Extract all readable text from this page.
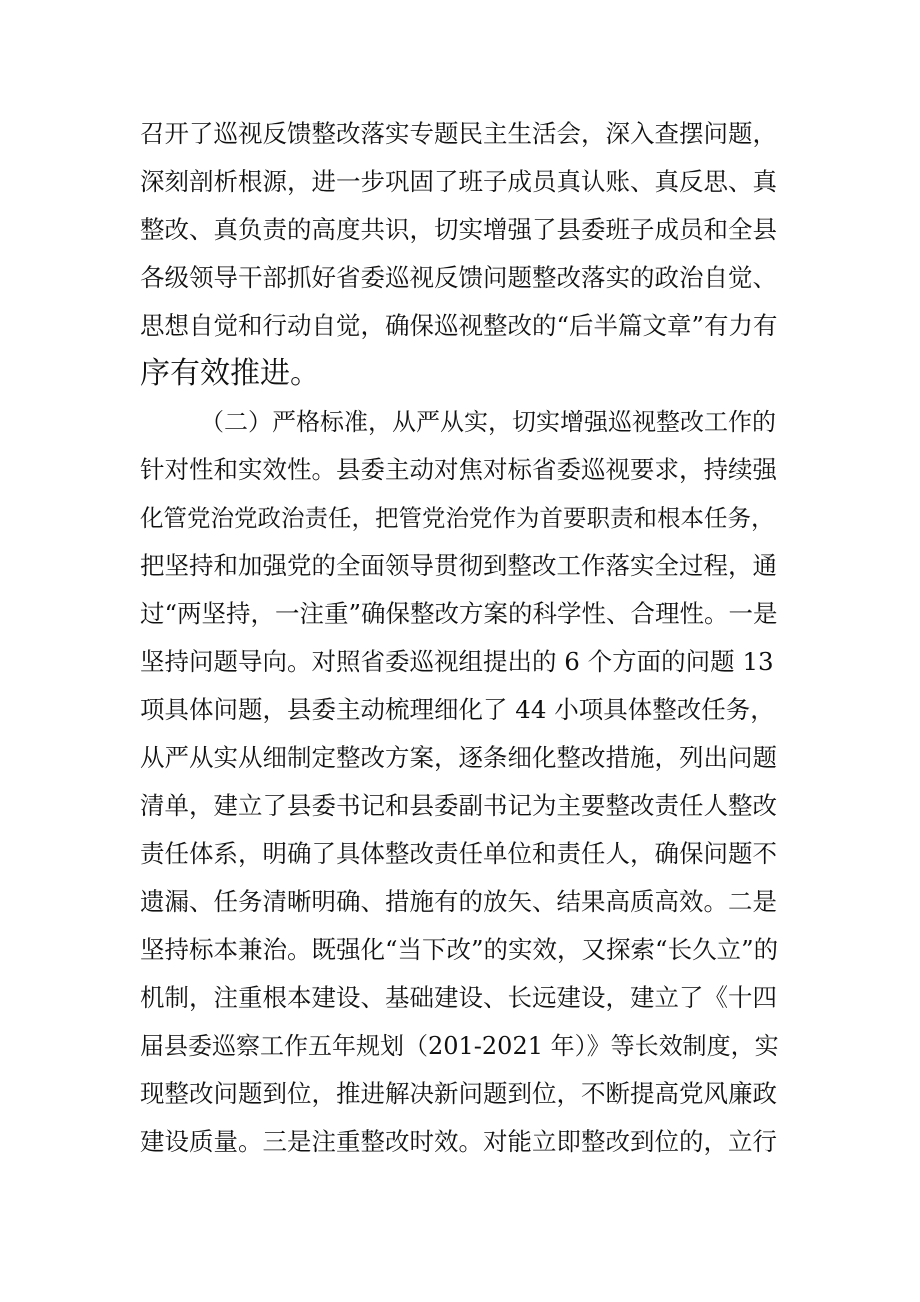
召开了巡视反馈整改落实专题民主生活会，深入查摆问题，
深刻剖析根源，进一步巩固了班子成员真认账、真反思、真
整改、真负责的高度共识，切实增强了县委班子成员和全县
各级领导干部抓好省委巡视反馈问题整改落实的政治自觉、
思想自觉和行动自觉，确保巡视整改的“后半篇文章”有力有
序有效推进。
（二）严格标准，从严从实，切实增强巡视整改工作的
针对性和实效性。县委主动对焦对标省委巡视要求，持续强
化管党治党政治责任，把管党治党作为首要职责和根本任务，
把坚持和加强党的全面领导贯彻到整改工作落实全过程，通
过“两坚持，一注重”确保整改方案的科学性、合理性。一是
坚持问题导向。对照省委巡视组提出的 6 个方面的问题 13
项具体问题，县委主动梳理细化了 44 小项具体整改任务，
从严从实从细制定整改方案，逐条细化整改措施，列出问题
清单，建立了县委书记和县委副书记为主要整改责任人整改
责任体系，明确了具体整改责任单位和责任人，确保问题不
遗漏、任务清晰明确、措施有的放矢、结果高质高效。二是
坚持标本兼治。既强化“当下改”的实效，又探索“长久立”的
机制，注重根本建设、基础建设、长远建设，建立了《十四
届县委巡察工作五年规划（201-2021 年）》等长效制度，实
现整改问题到位，推进解决新问题到位，不断提高党风廉政
建设质量。三是注重整改时效。对能立即整改到位的，立行
